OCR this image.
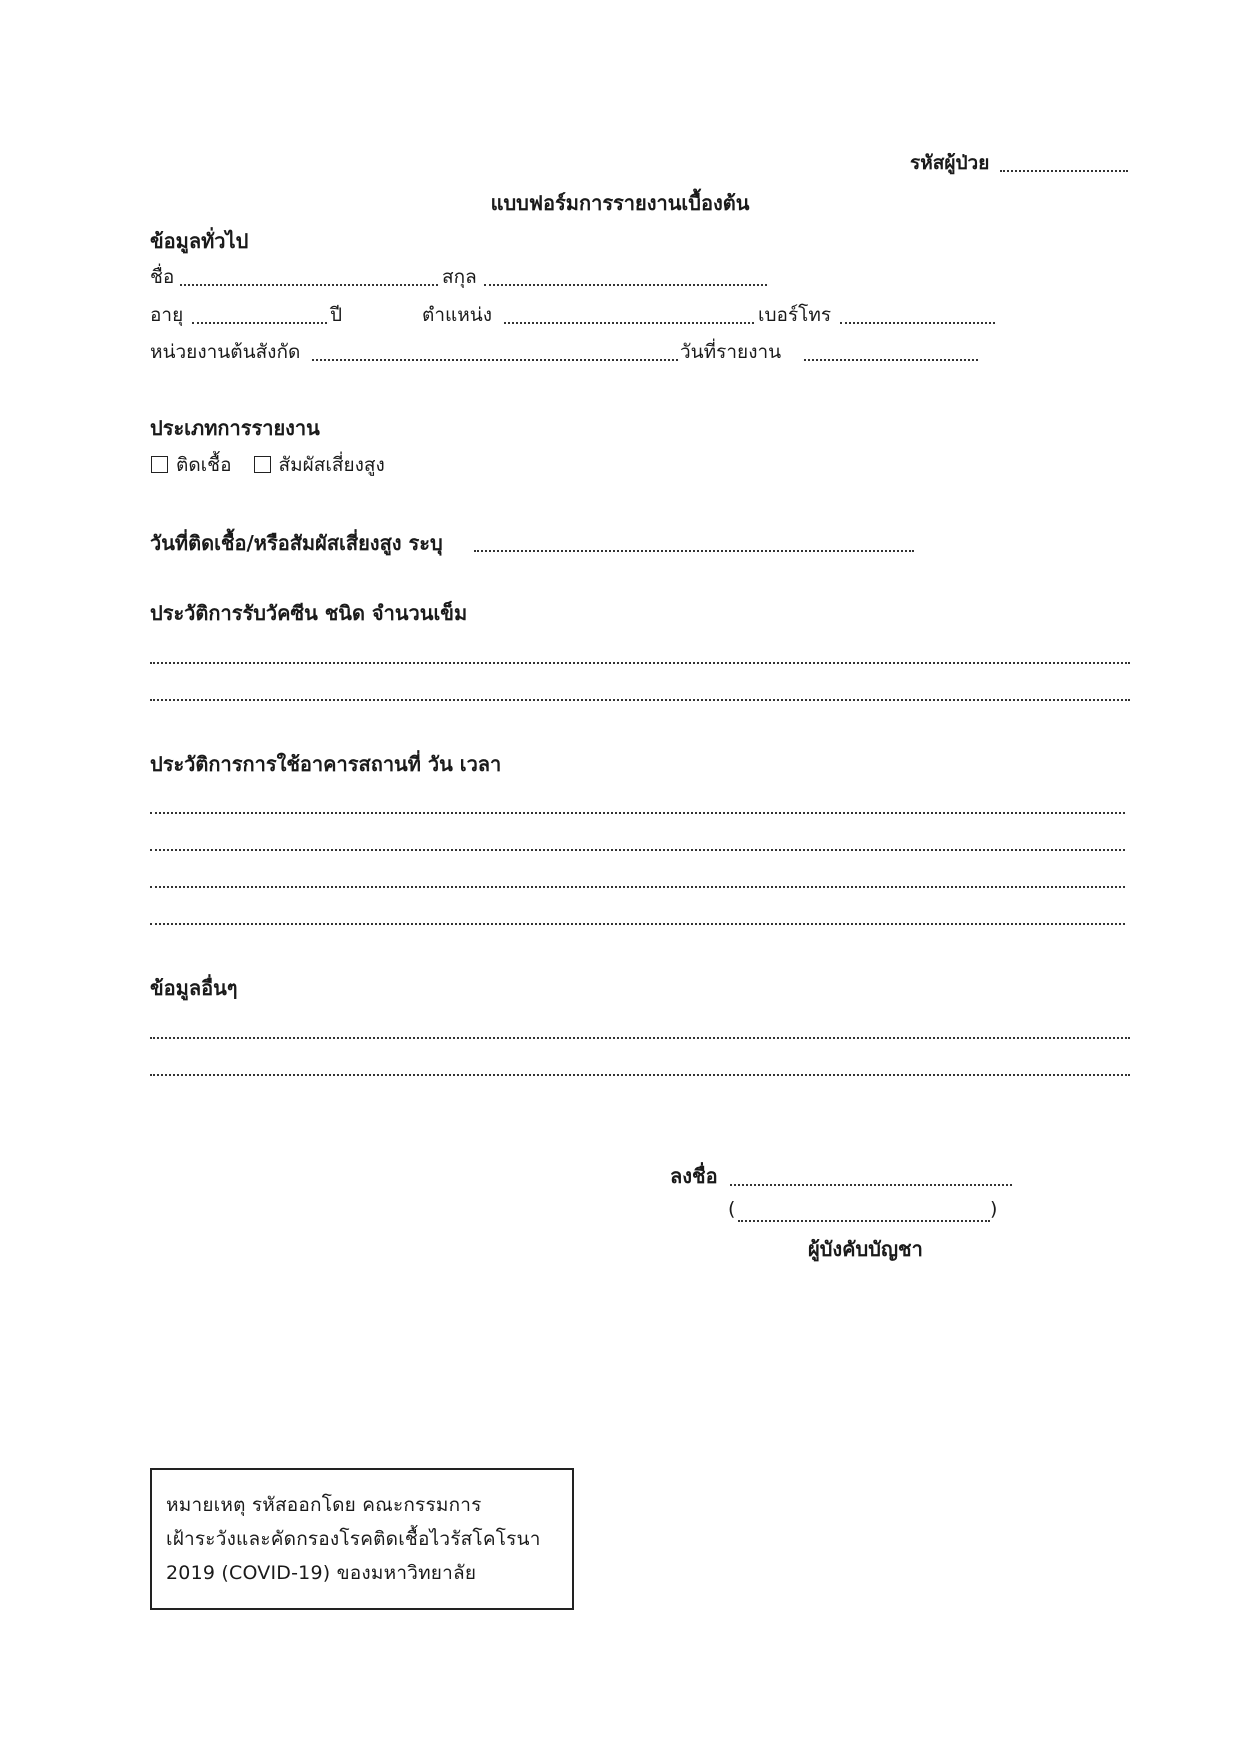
รหัสผู้ป่วย
แบบฟอร์มการรายงานเบื้องต้น
ข้อมูลทั่วไป
ชื่อ	สกุล
อายุ	ปี	ตำแหน่ง	เบอร์โทร
หน่วยงานต้นสังกัด	วันที่รายงาน
ประเภทการรายงาน
ติดเชื้อ สัมผัสเสี่ยงสูง
วันที่ติดเชื้อ/หรือสัมผัสเสี่ยงสูง ระบุ
ประวัติการรับวัคซีน ชนิด จำนวนเข็ม
ประวัติการการใช้อาคารสถานที่ วัน เวลา
ข้อมูลอื่นๆ
ลงชื่อ
(	)
ผู้บังคับบัญชา
หมายเหตุ รหัสออกโดย คณะกรรมการ
เฝ้าระวังและคัดกรองโรคติดเชื้อไวรัสโคโรนา
2019 (COVID-19) ของมหาวิทยาลัย
